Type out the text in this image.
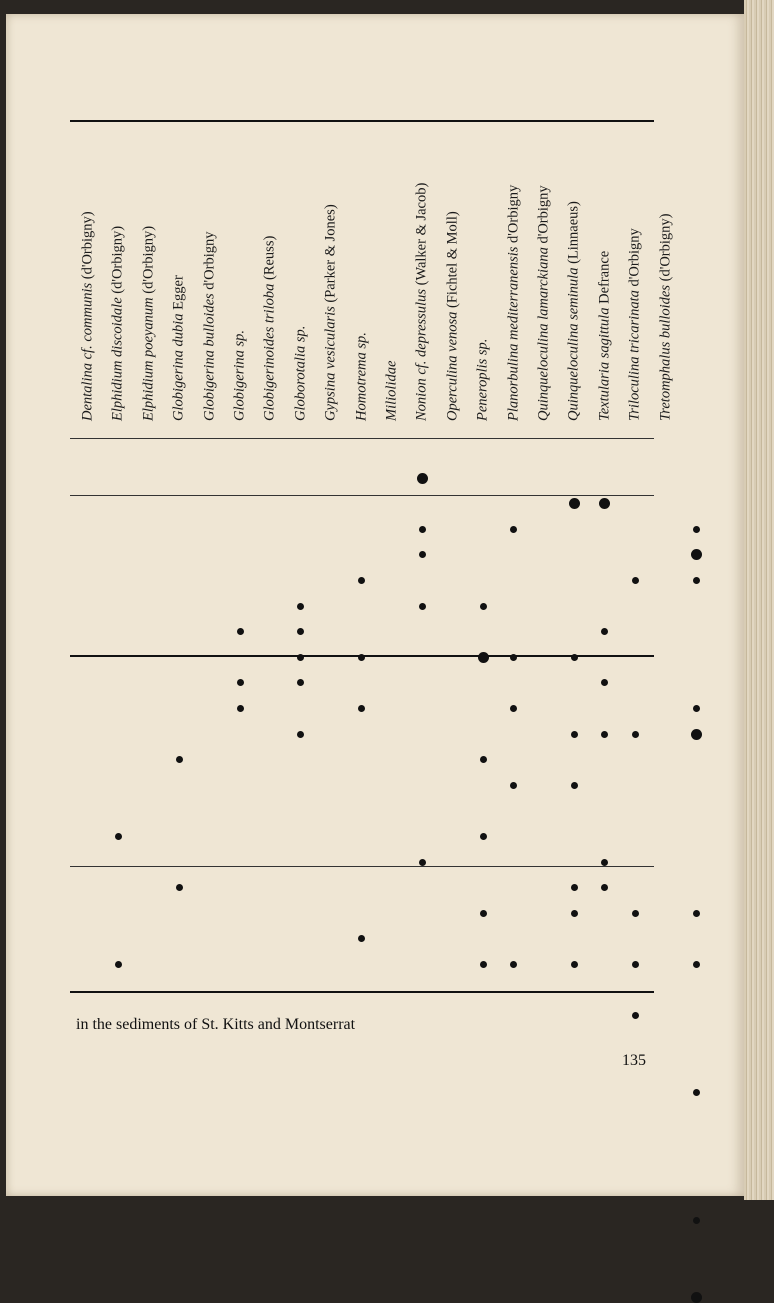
Dentalina cf. communis (d'Orbigny)
Elphidium discoidale (d'Orbigny)
Elphidium poeyanum (d'Orbigny)
Globigerina dubia Egger Globigerina bulloides d'Orbigny
Globigerina sp. Globigerinoides triloba (Reuss)
Globorotalia sp. Gypsina vesicularis (Parker & Jones)
Homotrema sp. Miliolidae Nonion cf. depressulus (Walker & Jacob)
Operculina venosa (Fichtel & Moll)
Peneroplis sp. Planorbulina mediterranensis d'Orbigny
Quinqueloculina lamarckiana d'Orbigny
Quinqueloculina seminula (Linnaeus)
Textularia sagittula Defrance
Triloculina tricarinata d'Orbigny
Tretomphalus bulloides (d'Orbigny)
in the sediments of St. Kitts and Montserrat
135
